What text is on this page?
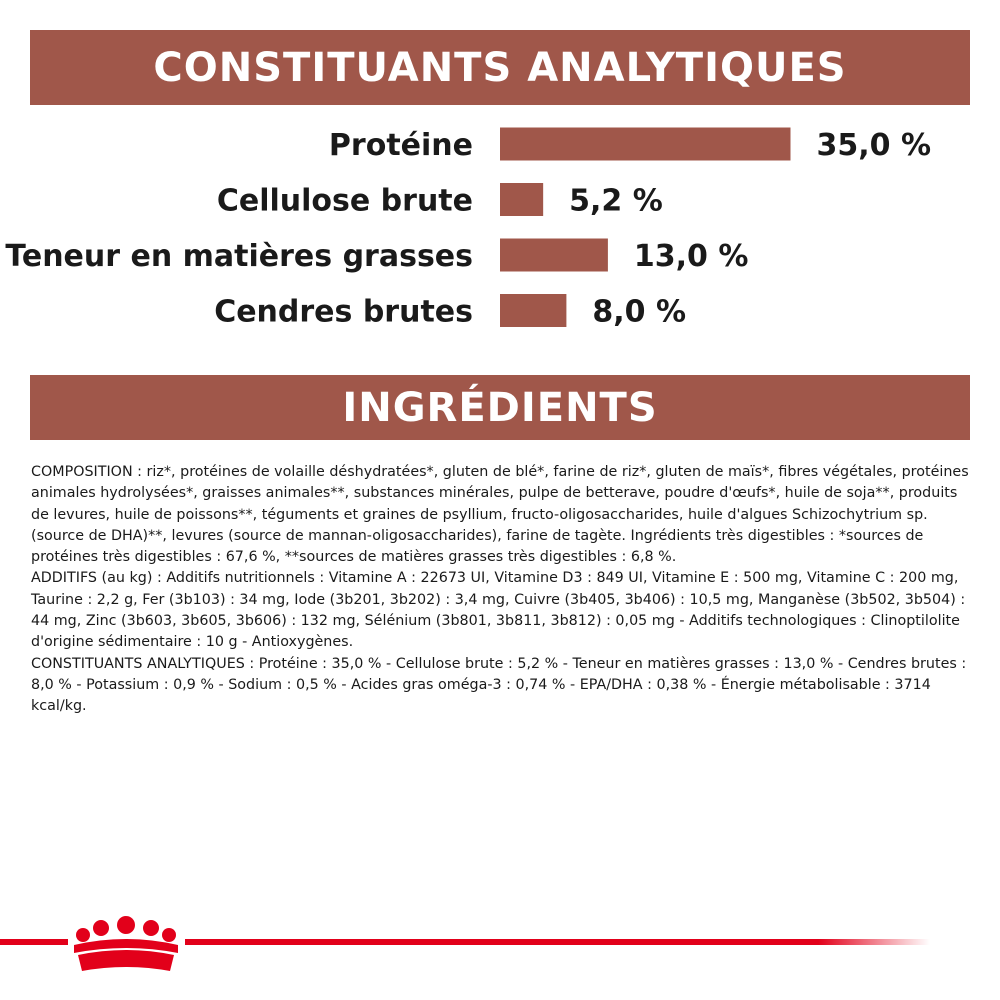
CONSTITUANTS ANALYTIQUES
Protéine	35,0 %
Cellulose brute	5,2 %
Teneur en matières grasses	13,0 %
Cendres brutes	8,0 %
INGRÉDIENTS

COMPOSITION : riz*, protéines de volaille déshydratées*, gluten de blé*, farine de riz*, gluten de maïs*, fibres végétales, protéines animales hydrolysées*, graisses animales**, substances minérales, pulpe de betterave, poudre d'œufs*, huile de soja**, produits de levures, huile de poissons**, téguments et graines de psyllium, fructo-oligosaccharides, huile d'algues Schizochytrium sp. (source de DHA)**, levures (source de mannan-oligosaccharides), farine de tagète. Ingrédients très digestibles : *sources de protéines très digestibles : 67,6 %, **sources de matières grasses très digestibles : 6,8 %.

ADDITIFS (au kg) : Additifs nutritionnels : Vitamine A : 22673 UI, Vitamine D3 : 849 UI, Vitamine E : 500 mg, Vitamine C : 200 mg, Taurine : 2,2 g, Fer (3b103) : 34 mg, Iode (3b201, 3b202) : 3,4 mg, Cuivre (3b405, 3b406) : 10,5 mg, Manganèse (3b502, 3b504) : 44 mg, Zinc (3b603, 3b605, 3b606) : 132 mg, Sélénium (3b801, 3b811, 3b812) : 0,05 mg - Additifs technologiques : Clinoptilolite d'origine sédimentaire : 10 g - Antioxygènes.

CONSTITUANTS ANALYTIQUES : Protéine : 35,0 % - Cellulose brute : 5,2 % - Teneur en matières grasses : 13,0 % - Cendres brutes : 8,0 % - Potassium : 0,9 % - Sodium : 0,5 % - Acides gras oméga-3 : 0,74 % - EPA/DHA : 0,38 % - Énergie métabolisable : 3714 kcal/kg.
